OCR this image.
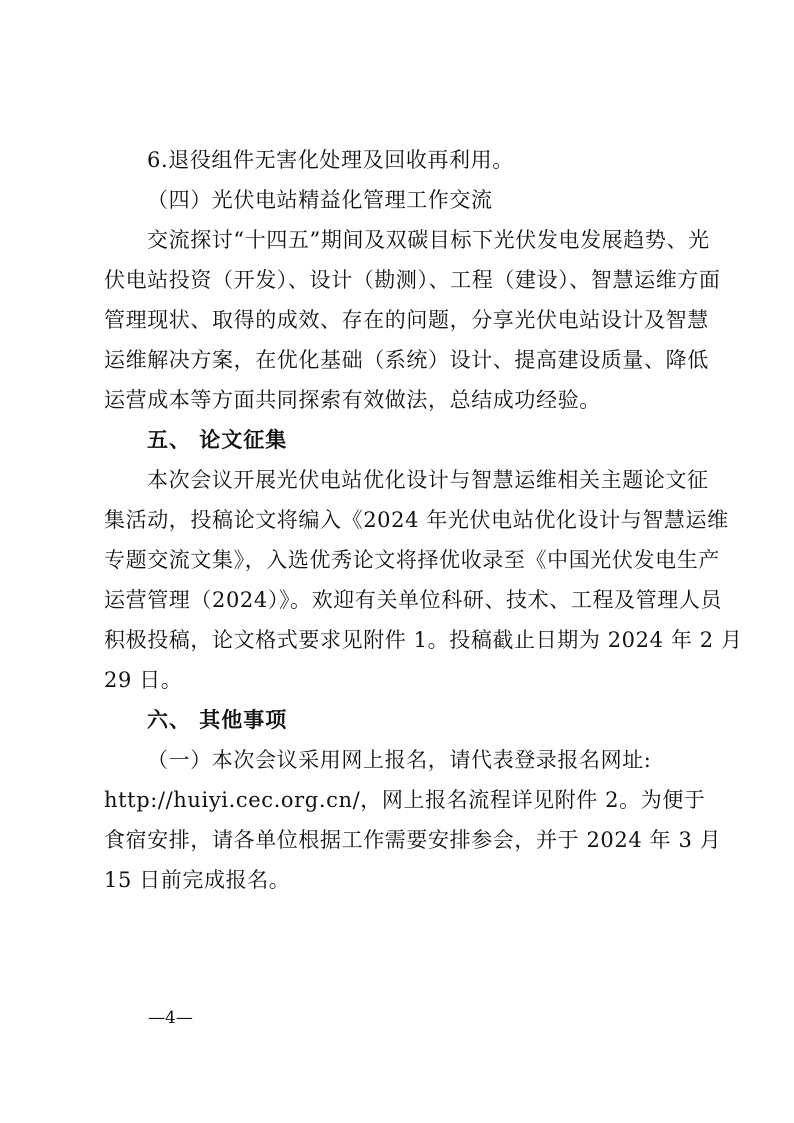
6.退役组件无害化处理及回收再利用。
（四）光伏电站精益化管理工作交流
交流探讨“十四五”期间及双碳目标下光伏发电发展趋势、光
伏电站投资（开发）、设计（勘测）、工程（建设）、智慧运维方面
管理现状、取得的成效、存在的问题，分享光伏电站设计及智慧
运维解决方案，在优化基础（系统）设计、提高建设质量、降低
运营成本等方面共同探索有效做法，总结成功经验。
五、 论文征集
本次会议开展光伏电站优化设计与智慧运维相关主题论文征
集活动，投稿论文将编入《2024 年光伏电站优化设计与智慧运维
专题交流文集》，入选优秀论文将择优收录至《中国光伏发电生产
运营管理（2024）》。欢迎有关单位科研、技术、工程及管理人员
积极投稿，论文格式要求见附件 1。投稿截止日期为 2024 年 2 月
29 日。
六、 其他事项
（一）本次会议采用网上报名，请代表登录报名网址:
http://huiyi.cec.org.cn/，网上报名流程详见附件 2。为便于
食宿安排，请各单位根据工作需要安排参会，并于 2024 年 3 月
15 日前完成报名。
—4—
